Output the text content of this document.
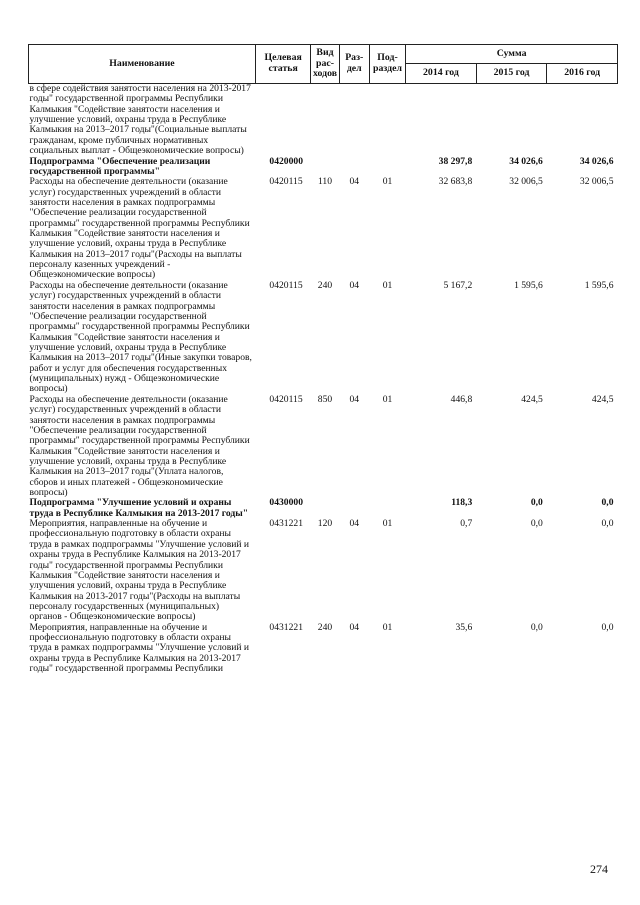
Наименование	Целевая статья	Вид рас-ходов	Раз-дел	Под-раздел	Сумма		
					2014 год	2015 год	2016 год
в сфере содействия занятости населения на 2013-2017 годы" государственной программы Республики Калмыкия "Содействие занятости населения и улучшение условий, охраны труда в Республике Калмыкия на 2013–2017 годы"(Социальные выплаты гражданам, кроме публичных нормативных социальных выплат - Общеэкономические вопросы)							
Подпрограмма "Обеспечение реализации государственной программы"	0420000				38 297,8	34 026,6	34 026,6
Расходы на обеспечение деятельности (оказание услуг) государственных учреждений в области занятости населения в рамках подпрограммы "Обеспечение реализации государственной программы" государственной программы Республики Калмыкия "Содействие занятости населения и улучшение условий, охраны труда в Республике Калмыкия на 2013–2017 годы"(Расходы на выплаты персоналу казенных учреждений - Общеэкономические вопросы)	0420115	110	04	01	32 683,8	32 006,5	32 006,5
Расходы на обеспечение деятельности (оказание услуг) государственных учреждений в области занятости населения в рамках подпрограммы "Обеспечение реализации государственной программы" государственной программы Республики Калмыкия "Содействие занятости населения и улучшение условий, охраны труда в Республике Калмыкия на 2013–2017 годы"(Иные закупки товаров, работ и услуг для обеспечения государственных (муниципальных) нужд - Общеэкономические вопросы)	0420115	240	04	01	5 167,2	1 595,6	1 595,6
Расходы на обеспечение деятельности (оказание услуг) государственных учреждений в области занятости населения в рамках подпрограммы "Обеспечение реализации государственной программы" государственной программы Республики Калмыкия "Содействие занятости населения и улучшение условий, охраны труда в Республике Калмыкия на 2013–2017 годы"(Уплата налогов, сборов и иных платежей - Общеэкономические вопросы)	0420115	850	04	01	446,8	424,5	424,5
Подпрограмма "Улучшение условий и охраны труда в Республике Калмыкия на 2013-2017 годы"	0430000				118,3	0,0	0,0
Мероприятия, направленные на обучение и профессиональную подготовку в области охраны труда в рамках подпрограммы "Улучшение условий и охраны труда в Республике Калмыкия на 2013-2017 годы" государственной программы Республики Калмыкия "Содействие занятости населения и улучшения условий, охраны труда в Республике Калмыкия на 2013-2017 годы"(Расходы на выплаты персоналу государственных (муниципальных) органов - Общеэкономические вопросы)	0431221	120	04	01	0,7	0,0	0,0
Мероприятия, направленные на обучение и профессиональную подготовку в области охраны труда в рамках подпрограммы "Улучшение условий и охраны труда в Республике Калмыкия на 2013-2017 годы" государственной программы Республики	0431221	240	04	01	35,6	0,0	0,0
274
